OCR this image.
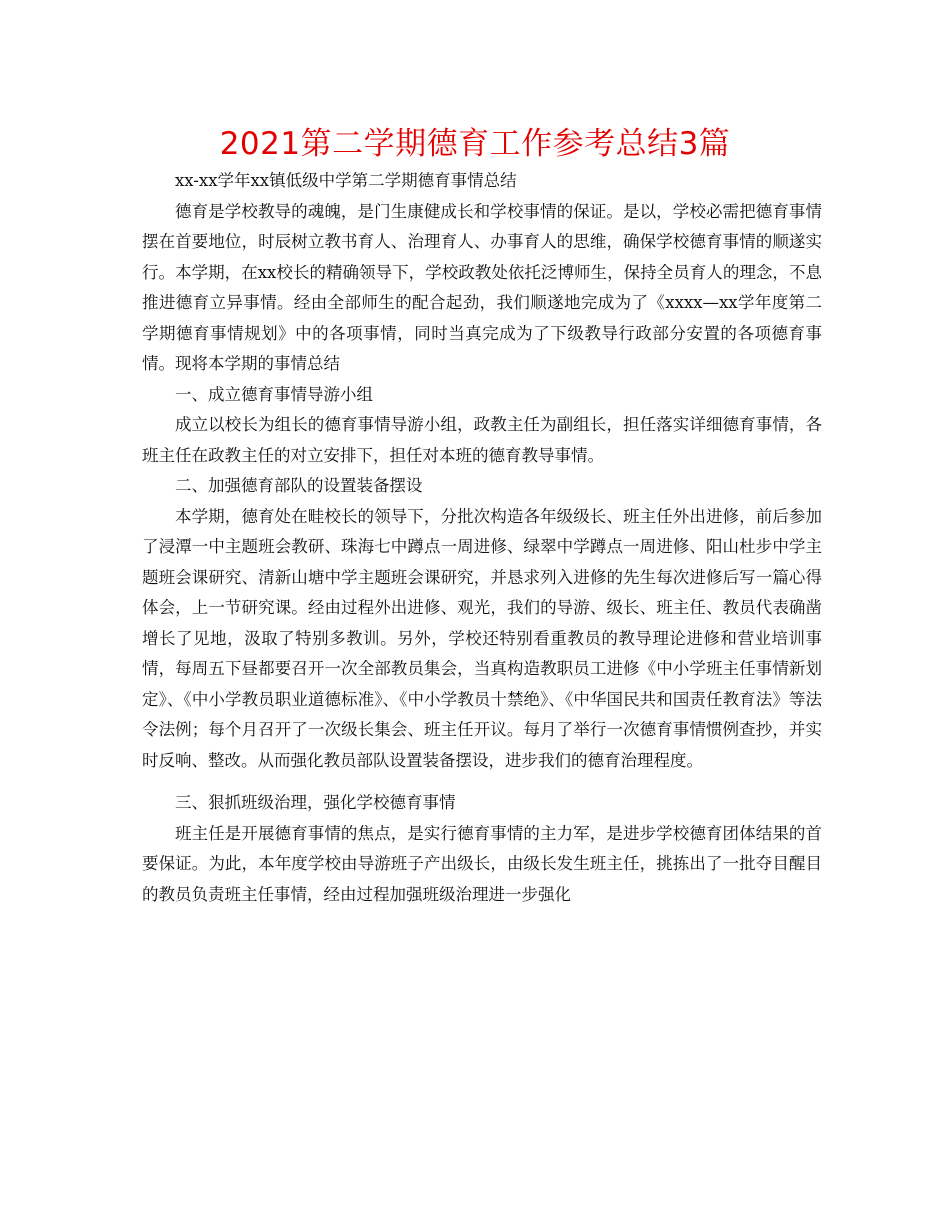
2021第二学期德育工作参考总结3篇

xx-xx学年xx镇低级中学第二学期德育事情总结

德育是学校教导的魂魄，是门生康健成长和学校事情的保证。是以，学校必需把德育事情摆在首要地位，时辰树立教书育人、治理育人、办事育人的思维，确保学校德育事情的顺遂实行。本学期，在xx校长的精确领导下，学校政教处依托泛博师生，保持全员育人的理念，不息推进德育立异事情。经由全部师生的配合起劲，我们顺遂地完成为了《xxxx—xx学年度第二学期德育事情规划》中的各项事情，同时当真完成为了下级教导行政部分安置的各项德育事情。现将本学期的事情总结

一、成立德育事情导游小组

成立以校长为组长的德育事情导游小组，政教主任为副组长，担任落实详细德育事情，各班主任在政教主任的对立安排下，担任对本班的德育教导事情。

二、加强德育部队的设置装备摆设

本学期，德育处在畦校长的领导下，分批次构造各年级级长、班主任外出进修，前后参加了浸潭一中主题班会教研、珠海七中蹲点一周进修、绿翠中学蹲点一周进修、阳山杜步中学主题班会课研究、清新山塘中学主题班会课研究，并恳求列入进修的先生每次进修后写一篇心得体会，上一节研究课。经由过程外出进修、观光，我们的导游、级长、班主任、教员代表确凿增长了见地，汲取了特别多教训。另外，学校还特别看重教员的教导理论进修和营业培训事情，每周五下昼都要召开一次全部教员集会，当真构造教职员工进修《中小学班主任事情新划定》、《中小学教员职业道德标准》、《中小学教员十禁绝》、《中华国民共和国责任教育法》等法令法例；每个月召开了一次级长集会、班主任开议。每月了举行一次德育事情惯例查抄，并实时反响、整改。从而强化教员部队设置装备摆设，进步我们的德育治理程度。

三、狠抓班级治理，强化学校德育事情

班主任是开展德育事情的焦点，是实行德育事情的主力军，是进步学校德育团体结果的首要保证。为此，本年度学校由导游班子产出级长，由级长发生班主任，挑拣出了一批夺目醒目的教员负责班主任事情，经由过程加强班级治理进一步强化
